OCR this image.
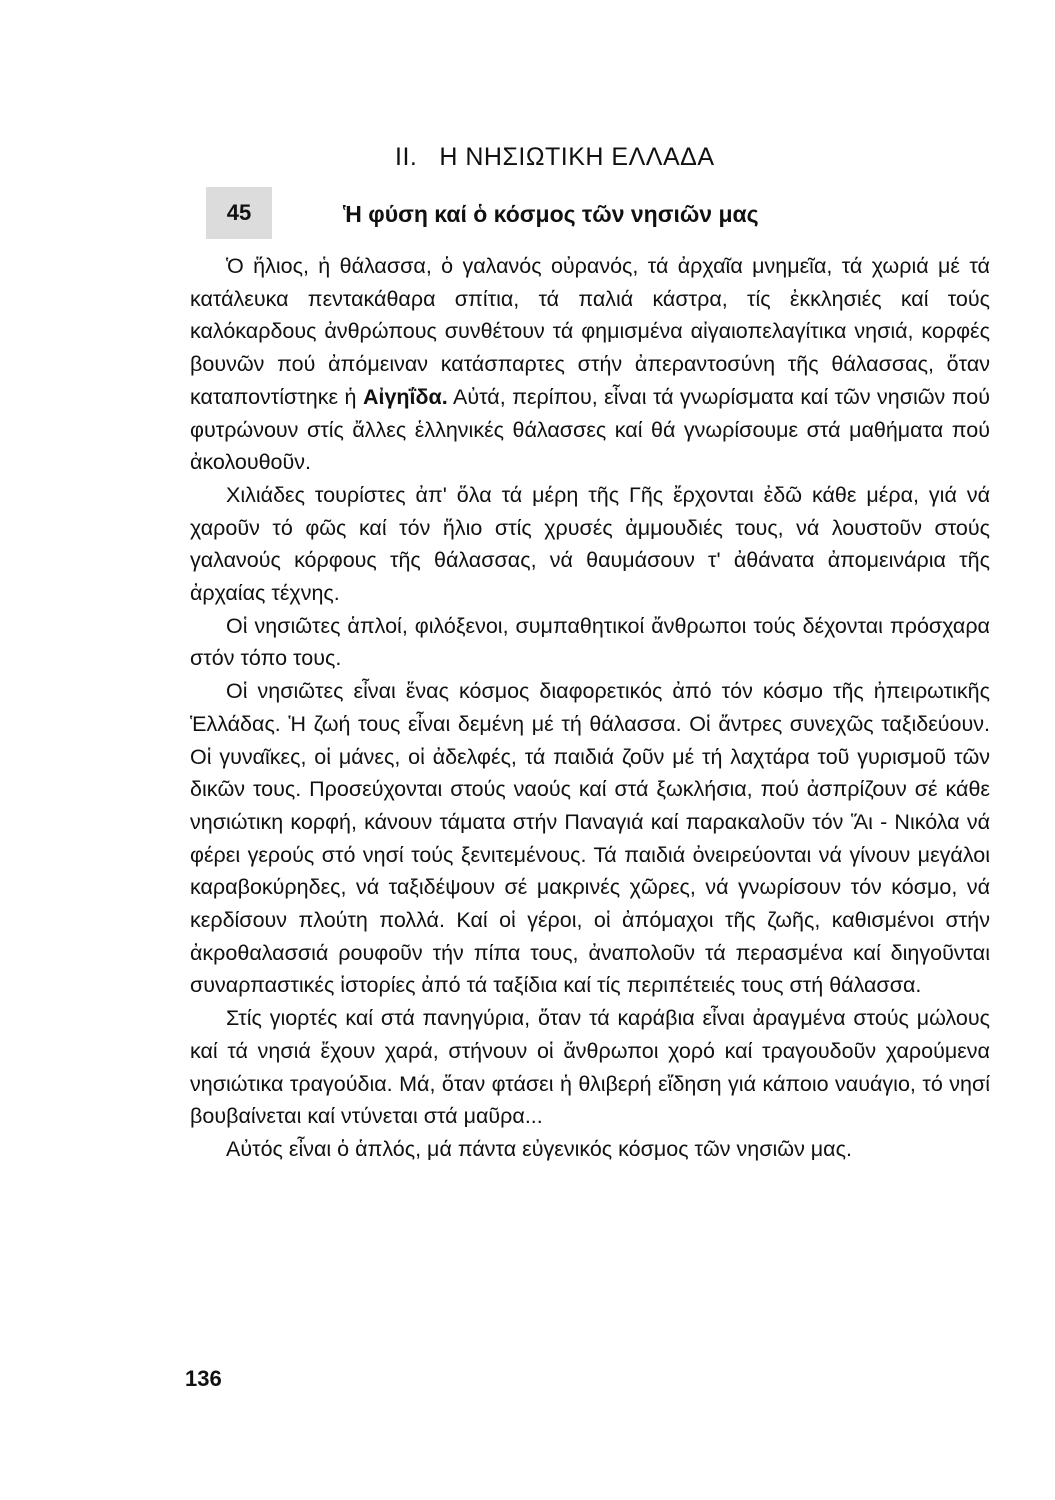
II. Η ΝΗΣΙΩΤΙΚΗ ΕΛΛΑΔΑ
45	Ἡ φύση καί ὁ κόσμος τῶν νησιῶν μας

Ὁ ἥλιος, ἡ θάλασσα, ὁ γαλανός οὐρανός, τά ἀρχαῖα μνημεῖα, τά χωριά μέ τά κατάλευκα πεντακάθαρα σπίτια, τά παλιά κάστρα, τίς ἐκκλησιές καί τούς καλόκαρδους ἀνθρώπους συνθέτουν τά φημισμένα αἰγαιοπελαγίτικα νησιά, κορφές βουνῶν πού ἀπόμειναν κατάσπαρτες στήν ἀπεραντοσύνη τῆς θάλασσας, ὅταν καταποντίστηκε ἡ Αἰγηΐδα. Αὐτά, περίπου, εἶναι τά γνωρίσματα καί τῶν νησιῶν πού φυτρώνουν στίς ἄλλες ἑλληνικές θάλασσες καί θά γνωρίσουμε στά μαθήματα πού ἀκολουθοῦν.

Χιλιάδες τουρίστες ἀπ' ὅλα τά μέρη τῆς Γῆς ἔρχονται ἐδῶ κάθε μέρα, γιά νά χαροῦν τό φῶς καί τόν ἥλιο στίς χρυσές ἀμμουδιές τους, νά λουστοῦν στούς γαλανούς κόρφους τῆς θάλασσας, νά θαυμάσουν τ' ἀθάνατα ἀπομεινάρια τῆς ἀρχαίας τέχνης.

Οἱ νησιῶτες ἁπλοί, φιλόξενοι, συμπαθητικοί ἄνθρωποι τούς δέχονται πρόσχαρα στόν τόπο τους.

Οἱ νησιῶτες εἶναι ἕνας κόσμος διαφορετικός ἀπό τόν κόσμο τῆς ἠπειρωτικῆς Ἑλλάδας. Ἡ ζωή τους εἶναι δεμένη μέ τή θάλασσα. Οἱ ἄντρες συνεχῶς ταξιδεύουν. Οἱ γυναῖκες, οἱ μάνες, οἱ ἀδελφές, τά παιδιά ζοῦν μέ τή λαχτάρα τοῦ γυρισμοῦ τῶν δικῶν τους. Προσεύχονται στούς ναούς καί στά ξωκλήσια, πού ἀσπρίζουν σέ κάθε νησιώτικη κορφή, κάνουν τάματα στήν Παναγιά καί παρακαλοῦν τόν Ἅι - Νικόλα νά φέρει γερούς στό νησί τούς ξενιτεμένους. Τά παιδιά ὀνειρεύονται νά γίνουν μεγάλοι καραβοκύρηδες, νά ταξιδέψουν σέ μακρινές χῶρες, νά γνωρίσουν τόν κόσμο, νά κερδίσουν πλούτη πολλά. Καί οἱ γέροι, οἱ ἀπόμαχοι τῆς ζωῆς, καθισμένοι στήν ἀκροθαλασσιά ρουφοῦν τήν πίπα τους, ἀναπολοῦν τά περασμένα καί διηγοῦνται συναρπαστικές ἱστορίες ἀπό τά ταξίδια καί τίς περιπέτειές τους στή θάλασσα.

Στίς γιορτές καί στά πανηγύρια, ὅταν τά καράβια εἶναι ἀραγμένα στούς μώλους καί τά νησιά ἔχουν χαρά, στήνουν οἱ ἄνθρωποι χορό καί τραγουδοῦν χαρούμενα νησιώτικα τραγούδια. Μά, ὅταν φτάσει ἡ θλιβερή εἴδηση γιά κάποιο ναυάγιο, τό νησί βουβαίνεται καί ντύνεται στά μαῦρα...

Αὐτός εἶναι ὁ ἁπλός, μά πάντα εὐγενικός κόσμος τῶν νησιῶν μας.

136
